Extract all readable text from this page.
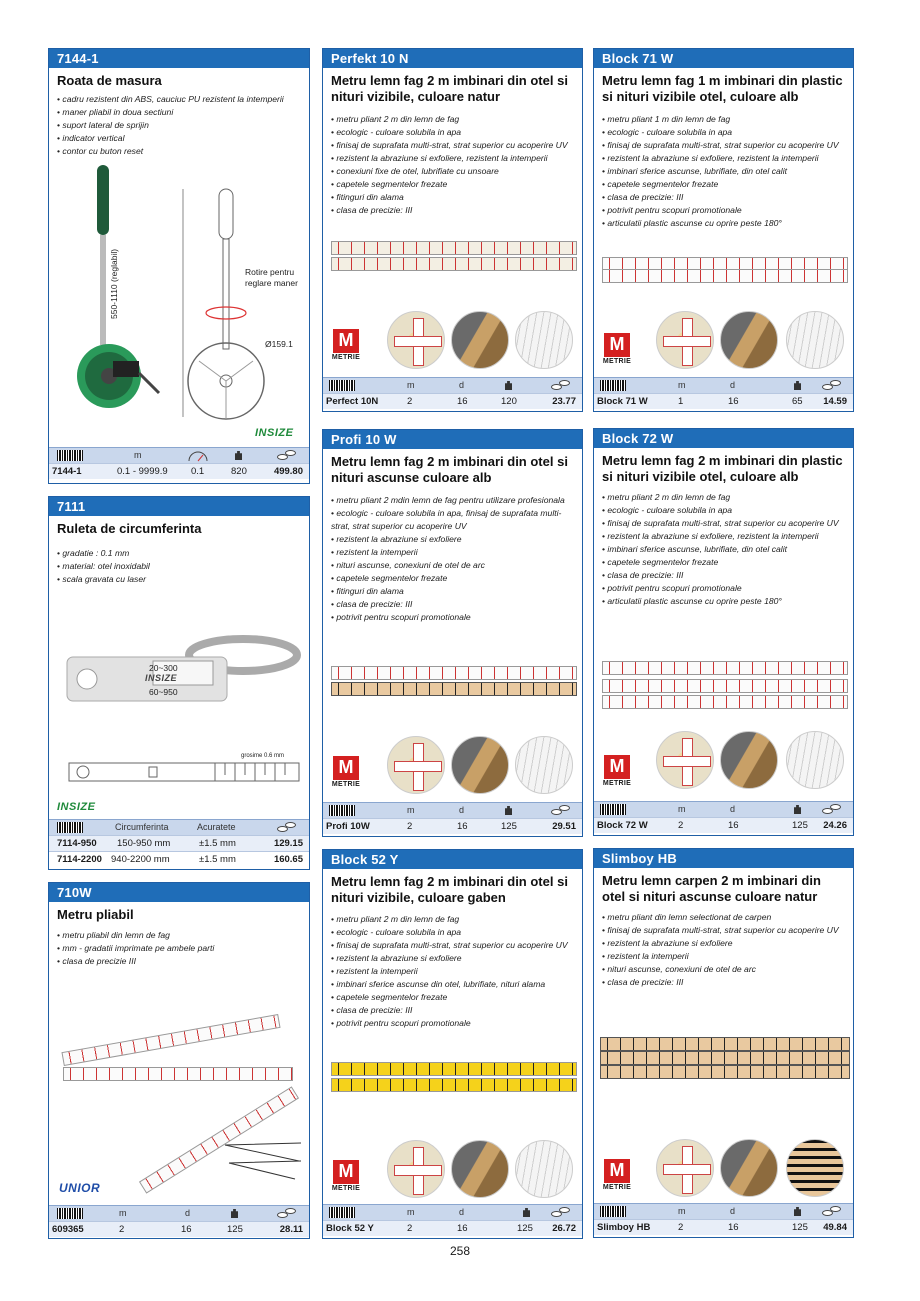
7144-1
Roata de masura
• cadru rezistent din ABS, cauciuc PU rezistent la intemperii
• maner pliabil in doua sectiuni
• suport lateral de sprijin
• indicator vertical
• contor cu buton reset
550-1110 (reglabil)	Rotire pentru reglare maner
Ø159.1
INSIZE
m
7144-1	0.1 - 9999.9 0.1	820	499.80
7111
Ruleta de circumferinta
• gradatie : 0.1 mm
• material: otel inoxidabil
• scala gravata cu laser
20~300
INSIZE
60~950
grosime 0.6 mm
INSIZE
Circumferinta	Acuratete
7114-950 150-950 mm	±1.5 mm	129.15
7114-2200 940-2200 mm	±1.5 mm	160.65
710W
Metru pliabil
• metru pliabil din lemn de fag
• mm - gradatii imprimate pe ambele parti
• clasa de precizie III
UNIOR
m	d
609365	2	16	125	28.11
Perfekt 10 N
Metru lemn fag 2 m imbinari din otel si nituri vizibile, culoare natur
• metru pliant 2 m din lemn de fag
• ecologic - culoare solubila in apa
• finisaj de suprafata multi-strat, strat superior cu acoperire UV
• rezistent la abraziune si exfoliere, rezistent la intemperii
• conexiuni fixe de otel, lubrifiate cu unsoare
• capetele segmentelor frezate
• fitinguri din alama
• clasa de precizie: III
M
METRIE
m	d
Perfect 10N	2	16	120	23.77
Profi 10 W
Metru lemn fag 2 m imbinari din otel si nituri ascunse culoare alb
• metru pliant 2 mdin lemn de fag pentru utilizare profesionala
• ecologic - culoare solubila in apa, finisaj de suprafata multi-strat, strat superior cu acoperire UV
• rezistent la abraziune si exfoliere
• rezistent la intemperii
• nituri ascunse, conexiuni de otel de arc
• capetele segmentelor frezate
• fitinguri din alama
• clasa de precizie: III
• potrivit pentru scopuri promotionale
M
METRIE
m	d
Profi 10W	2	16	125	29.51
Block 52 Y
Metru lemn fag 2 m imbinari din otel si nituri vizibile, culoare gaben
• metru pliant 2 m din lemn de fag
• ecologic - culoare solubila in apa
• finisaj de suprafata multi-strat, strat superior cu acoperire UV
• rezistent la abraziune si exfoliere
• rezistent la intemperii
• imbinari sferice ascunse din otel, lubrifiate, nituri alama
• capetele segmentelor frezate
• clasa de precizie: III
• potrivit pentru scopuri promotionale
M
METRIE
m	d
Block 52 Y	2	16	125 26.72
Block 71 W
Metru lemn fag 1 m imbinari din plastic si nituri vizibile otel, culoare alb
• metru pliant 1 m din lemn de fag
• ecologic - culoare solubila in apa
• finisaj de suprafata multi-strat, strat superior cu acoperire UV
• rezistent la abraziune si exfoliere, rezistent la intemperii
• imbinari sferice ascunse, lubrifiate, din otel calit
• capetele segmentelor frezate
• clasa de precizie: III
• potrivit pentru scopuri promotionale
• articulatii plastic ascunse cu oprire peste 180°
M
METRIE
m	d
Block 71 W	1	16	65 14.59
Block 72 W
Metru lemn fag 2 m imbinari din plastic si nituri vizibile otel, culoare alb
• metru pliant 2 m din lemn de fag
• ecologic - culoare solubila in apa
• finisaj de suprafata multi-strat, strat superior cu acoperire UV
• rezistent la abraziune si exfoliere, rezistent la intemperii
• imbinari sferice ascunse, lubrifiate, din otel calit
• capetele segmentelor frezate
• clasa de precizie: III
• potrivit pentru scopuri promotionale
• articulatii plastic ascunse cu oprire peste 180°
M
METRIE
m	d
Block 72 W	2	16	125 24.26
Slimboy HB
Metru lemn carpen 2 m imbinari din otel si nituri ascunse culoare natur
• metru pliant din lemn selectionat de carpen
• finisaj de suprafata multi-strat, strat superior cu acoperire UV
• rezistent la abraziune si exfoliere
• rezistent la intemperii
• nituri ascunse, conexiuni de otel de arc
• clasa de precizie: III
M
METRIE
m	d
Slimboy HB	2	16	125 49.84
258
